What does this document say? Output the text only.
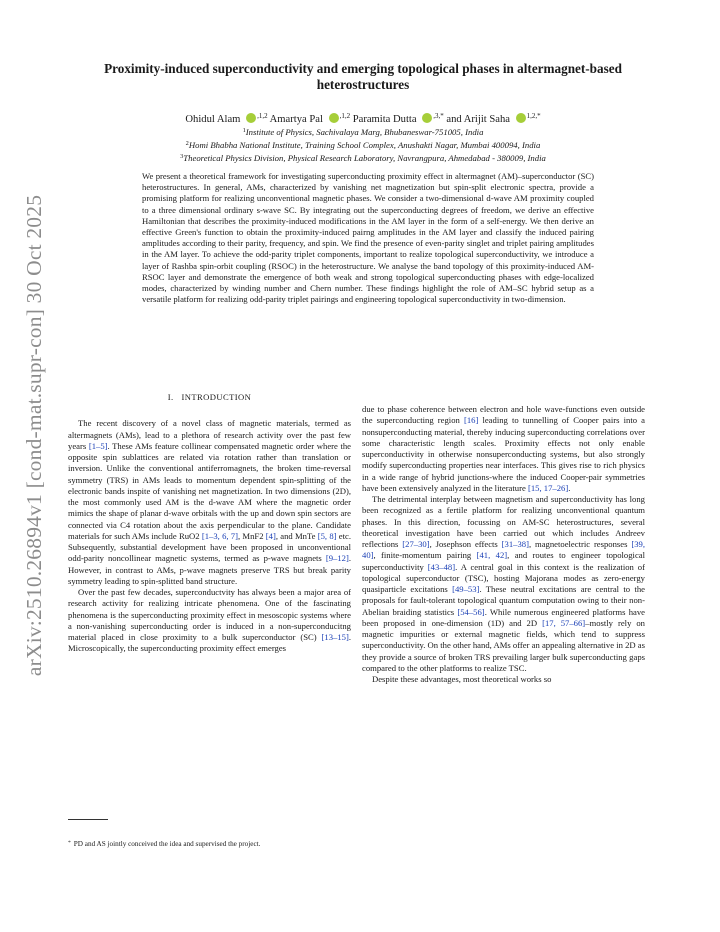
arXiv:2510.26894v1 [cond-mat.supr-con] 30 Oct 2025
Proximity-induced superconductivity and emerging topological phases in altermagnet-based heterostructures
Ohidul Alam $^{,1,2}$ Amartya Pal $^{,1,2}$ Paramita Dutta $^{,3,*}$ and Arijit Saha $^{1,2,*}$
$^1$Institute of Physics, Sachivalaya Marg, Bhubaneswar-751005, India
$^2$Homi Bhabha National Institute, Training School Complex, Anushakti Nagar, Mumbai 400094, India
$^3$Theoretical Physics Division, Physical Research Laboratory, Navrangpura, Ahmedabad - 380009, India
We present a theoretical framework for investigating superconducting proximity effect in altermagnet (AM)–superconductor (SC) heterostructures. In general, AMs, characterized by vanishing net magnetization but spin-split electronic spectra, provide a promising platform for realizing unconventional magnetic phases. We consider a two-dimensional d-wave AM proximity coupled to a three dimensional ordinary s-wave SC. By integrating out the superconducting degrees of freedom, we derive an effective Hamiltonian that describes the proximity-induced modifications in the AM layer in the form of a self-energy. We then derive an effective Green's function to obtain the proximity-induced pairng amplitudes in the AM layer and classify the induced pairing amplitudes according to their parity, frequency, and spin. We find the presence of even-parity singlet and triplet pairing amplitudes in the AM layer. To achieve the odd-parity triplet components, important to realize topological superconductivity, we introduce a layer of Rashba spin-orbit coupling (RSOC) in the heterostructure. We analyse the band topology of this proximity-induced AM-RSOC layer and demonstrate the emergence of both weak and strong topological superconducting phases with edge-localized modes, characterized by winding number and Chern number. These findings highlight the role of AM–SC hybrid setup as a versatile platform for realizing odd-parity triplet pairings and engineering topological superconductivity in two-dimension.
I. INTRODUCTION

The recent discovery of a novel class of magnetic materials, termed as altermagnets (AMs), lead to a plethora of research activity over the past few years [1–5]. These AMs feature collinear compensated magnetic order where the opposite spin sublattices are related via rotation rather than translation or inversion. Unlike the conventional antiferromagnets, the broken time-reversal symmetry (TRS) in AMs leads to momentum dependent spin-splitting of the electronic bands inspite of vanishing net magnetization. In two dimensions (2D), the most commonly used AM is the d-wave AM where the magnetic order mimics the shape of planar d-wave orbitals with the up and down spin sectors are connected via C4 rotation about the axis perpendicular to the plane. Candidate materials for such AMs include RuO2 [1–3, 6, 7], MnF2 [4], and MnTe [5, 8] etc. Subsequently, substantial development have been proposed in unconventional odd-parity noncollinear magnetic systems, termed as p-wave magnets [9–12]. However, in contrast to AMs, p-wave magnets preserve TRS but break parity symmetry leading to spin-splitted band structure.

Over the past few decades, superconductvity has always been a major area of research activity for realizing intricate phenomena. One of the fascinating phenomena is the superconducting proximity effect in mesoscopic systems where a non-vanishing superconducting order is induced in a non-superconducitng material placed in close proximity to a bulk superconductor (SC) [13–15]. Microscopically, the superconducting proximity effect emerges

due to phase coherence between electron and hole wave-functions even outside the superconducting region [16] leading to tunnelling of Cooper pairs into a nonsuperconducting material, thereby inducing superconducting correlations over some characteristic length scales. Proximity effects not only enable superconductivity in otherwise nonsuperconducting systems, but also strongly modify superconducting properties near interfaces. This gives rise to rich physics in a wide range of hybrid junctions-where the induced Cooper-pair symmetries have been extensively analyzed in the literature [15, 17–26].

The detrimental interplay between magnetism and superconductivity has long been recognized as a fertile platform for realizing unconventional quantum phases. In this direction, focussing on AM-SC heterostructures, several theoretical investigation have been carried out which includes Andreev reflections [27–30], Josephson effects [31–38], magnetoelectric responses [39, 40], finite-momentum pairing [41, 42], and routes to engineer topological superconductivity [43–48]. A central goal in this context is the realization of topological superconductor (TSC), hosting Majorana modes as zero-energy quasiparticle excitations [49–53]. These neutral excitations are central to the proposals for fault-tolerant topological quantum computation owing to their non-Abelian braiding statistics [54–56]. While numerous engineered platforms have been proposed in one-dimension (1D) and 2D [17, 57–66]–mostly rely on magnetic impurities or external magnetic fields, which tend to suppress superconductivity. On the other hand, AMs offer an appealing alternative in 2D as they provide a source of broken TRS prevailing larger bulk superconducting gaps compared to the other platforms to realize TSC.

Despite these advantages, most theoretical works so

* PD and AS jointly conceived the idea and supervised the project.
